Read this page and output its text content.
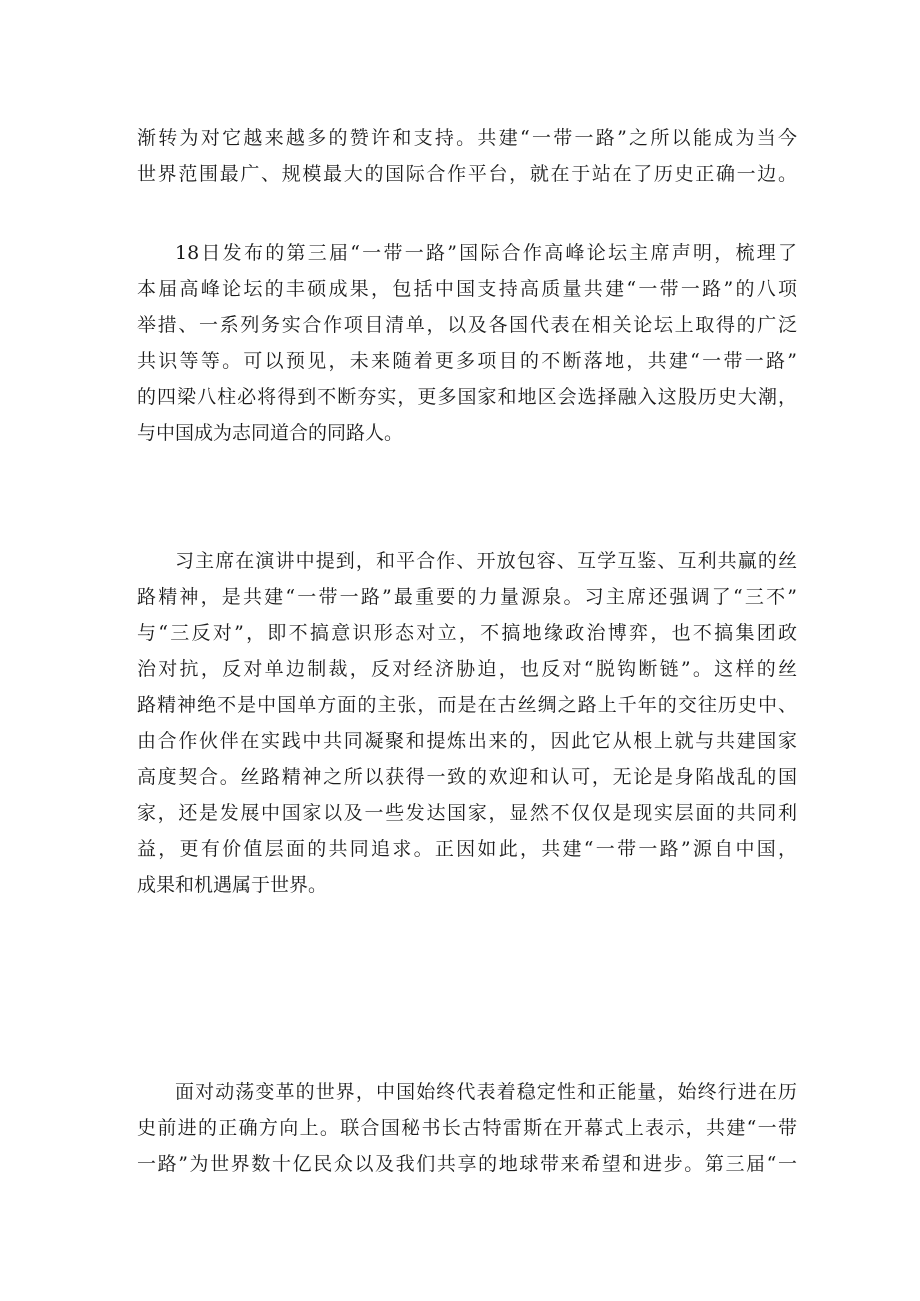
渐转为对它越来越多的赞许和支持。共建“一带一路”之所以能成为当今
世界范围最广、规模最大的国际合作平台，就在于站在了历史正确一边。
18日发布的第三届“一带一路”国际合作高峰论坛主席声明，梳理了
本届高峰论坛的丰硕成果，包括中国支持高质量共建“一带一路”的八项
举措、一系列务实合作项目清单，以及各国代表在相关论坛上取得的广泛
共识等等。可以预见，未来随着更多项目的不断落地，共建“一带一路”
的四梁八柱必将得到不断夯实，更多国家和地区会选择融入这股历史大潮，
与中国成为志同道合的同路人。
习主席在演讲中提到，和平合作、开放包容、互学互鉴、互利共赢的丝
路精神，是共建“一带一路”最重要的力量源泉。习主席还强调了“三不”
与“三反对”，即不搞意识形态对立，不搞地缘政治博弈，也不搞集团政
治对抗，反对单边制裁，反对经济胁迫，也反对“脱钩断链”。这样的丝
路精神绝不是中国单方面的主张，而是在古丝绸之路上千年的交往历史中、
由合作伙伴在实践中共同凝聚和提炼出来的，因此它从根上就与共建国家
高度契合。丝路精神之所以获得一致的欢迎和认可，无论是身陷战乱的国
家，还是发展中国家以及一些发达国家，显然不仅仅是现实层面的共同利
益，更有价值层面的共同追求。正因如此，共建“一带一路”源自中国，
成果和机遇属于世界。
面对动荡变革的世界，中国始终代表着稳定性和正能量，始终行进在历
史前进的正确方向上。联合国秘书长古特雷斯在开幕式上表示，共建“一带
一路”为世界数十亿民众以及我们共享的地球带来希望和进步。第三届“一
